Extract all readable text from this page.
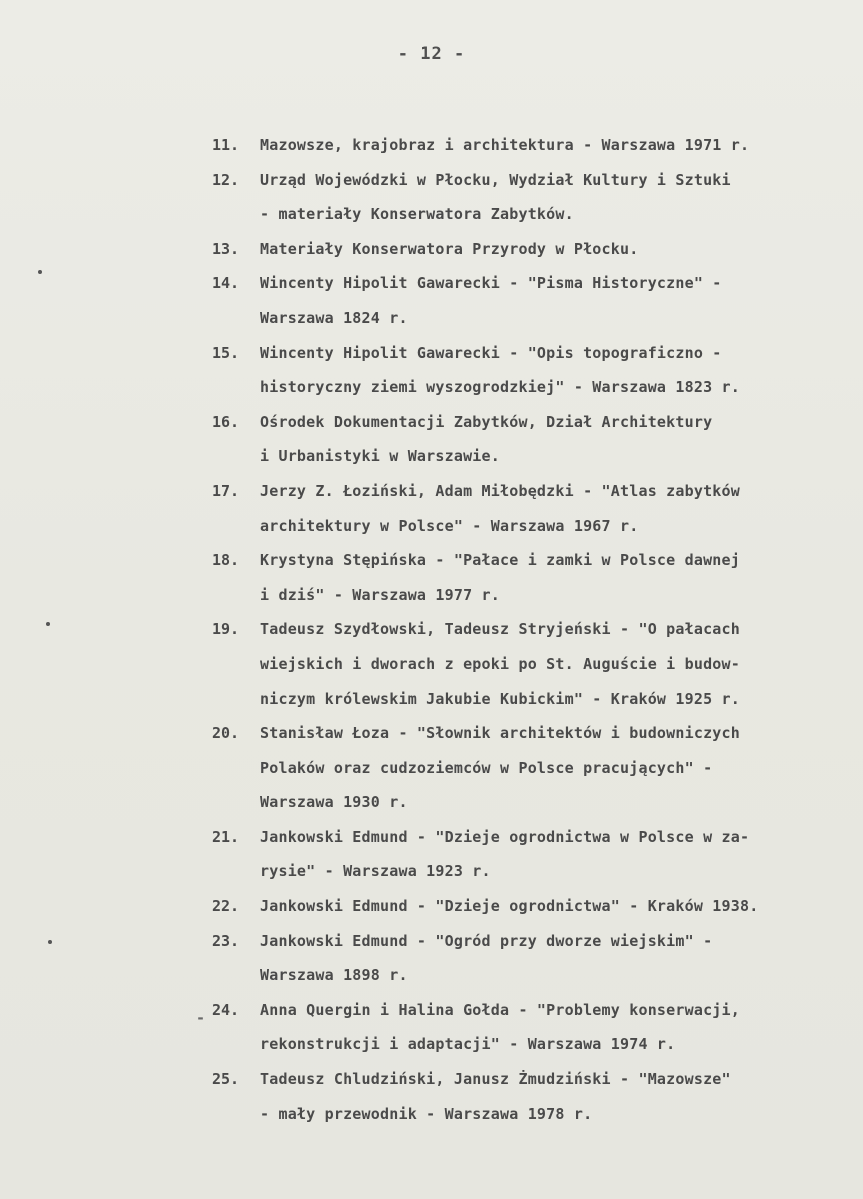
- 12 -
-
11.	Mazowsze, krajobraz i architektura - Warszawa 1971 r.
12.	Urząd Wojewódzki w Płocku, Wydział Kultury i Sztuki
- materiały Konserwatora Zabytków.
13.	Materiały Konserwatora Przyrody w Płocku.
14.	Wincenty Hipolit Gawarecki - "Pisma Historyczne" -
Warszawa 1824 r.
15.	Wincenty Hipolit Gawarecki - "Opis topograficzno -
historyczny ziemi wyszogrodzkiej" - Warszawa 1823 r.
16.	Ośrodek Dokumentacji Zabytków, Dział Architektury
i Urbanistyki w Warszawie.
17.	Jerzy Z. Łoziński, Adam Miłobędzki - "Atlas zabytków
architektury w Polsce" - Warszawa 1967 r.
18.	Krystyna Stępińska - "Pałace i zamki w Polsce dawnej
i dziś" - Warszawa 1977 r.
19.	Tadeusz Szydłowski, Tadeusz Stryjeński - "O pałacach
wiejskich i dworach z epoki po St. Auguście i budow-
niczym królewskim Jakubie Kubickim" - Kraków 1925 r.
20.	Stanisław Łoza - "Słownik architektów i budowniczych
Polaków oraz cudzoziemców w Polsce pracujących" -
Warszawa 1930 r.
21.	Jankowski Edmund - "Dzieje ogrodnictwa w Polsce w za-
rysie" - Warszawa 1923 r.
22.	Jankowski Edmund - "Dzieje ogrodnictwa" - Kraków 1938.
23.	Jankowski Edmund - "Ogród przy dworze wiejskim" -
Warszawa 1898 r.
24.	Anna Quergin i Halina Gołda - "Problemy konserwacji,
rekonstrukcji i adaptacji" - Warszawa 1974 r.
25.	Tadeusz Chludziński, Janusz Żmudziński - "Mazowsze"
- mały przewodnik - Warszawa 1978 r.
